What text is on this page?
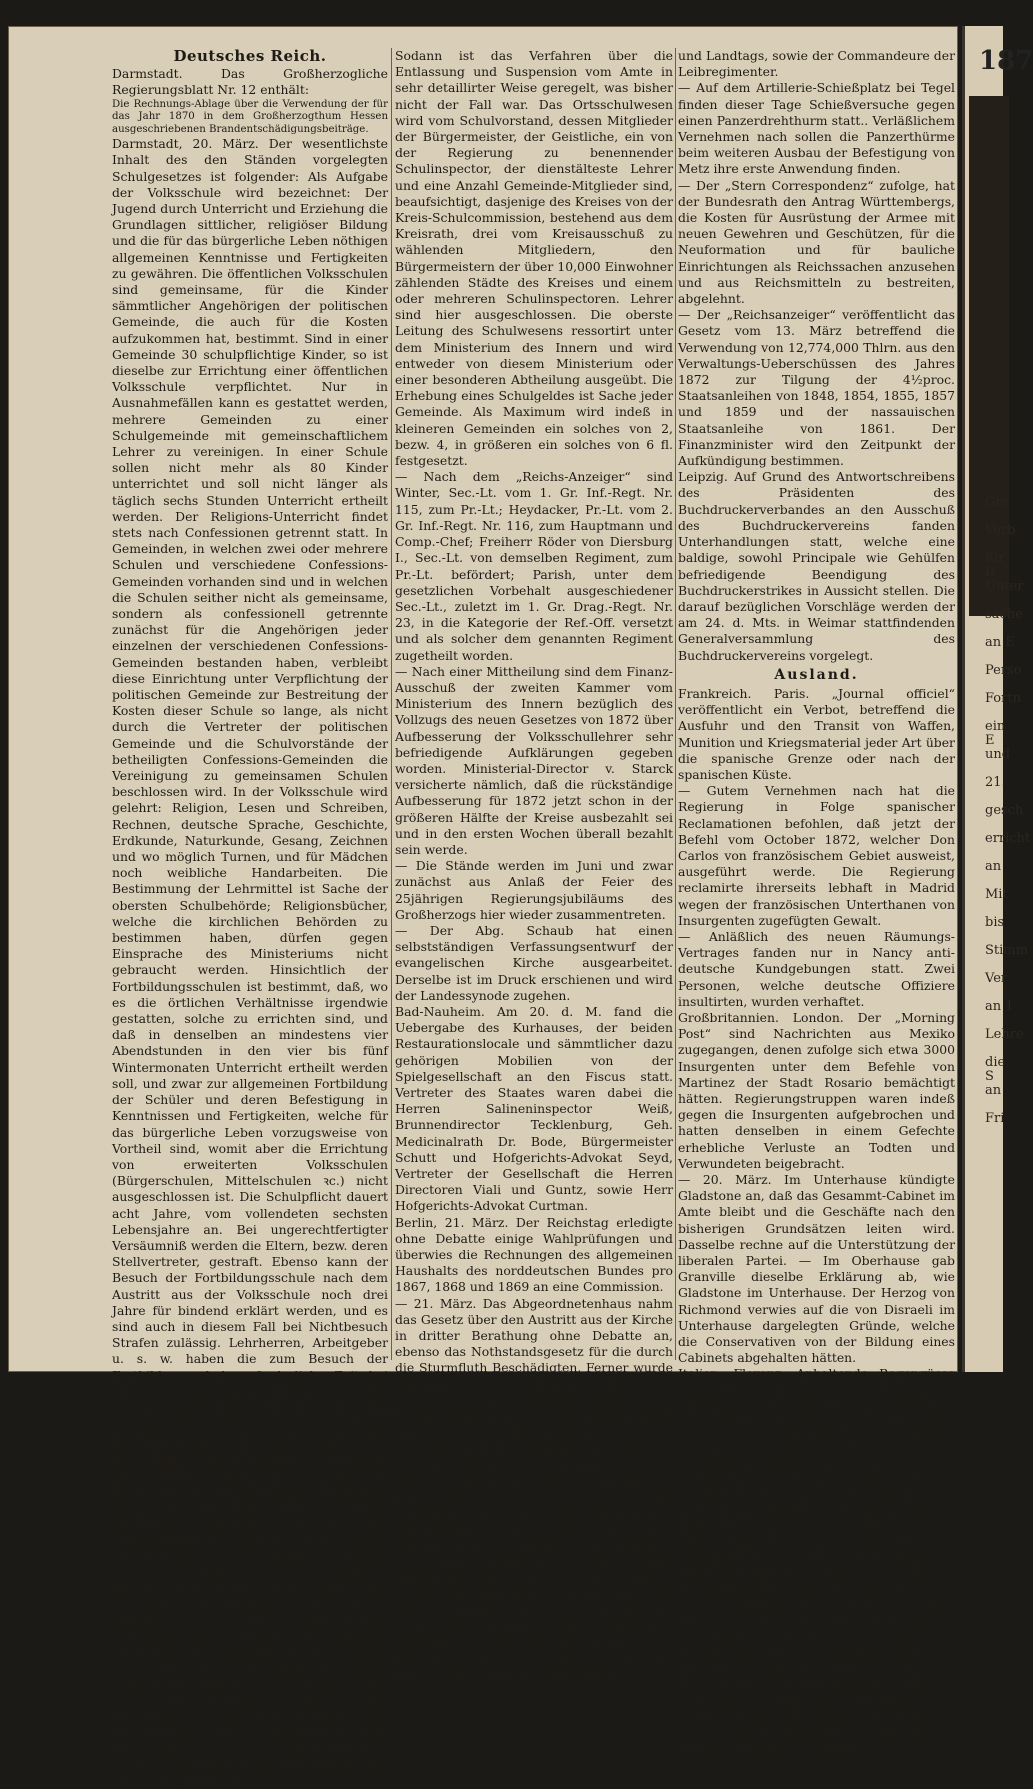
Deutsches Reich.

Darmstadt. Das Großherzogliche Regierungsblatt Nr. 12 enthält:

Die Rechnungs-Ablage über die Verwendung der für das Jahr 1870 in dem Großherzogthum Hessen ausgeschriebenen Brandentschädigungsbeiträge.

Darmstadt, 20. März. Der wesentlichste Inhalt des den Ständen vorgelegten Schulgesetzes ist folgender: Als Aufgabe der Volksschule wird bezeichnet: Der Jugend durch Unterricht und Erziehung die Grundlagen sittlicher, religiöser Bildung und die für das bürgerliche Leben nöthigen allgemeinen Kenntnisse und Fertigkeiten zu gewähren. Die öffentlichen Volksschulen sind gemeinsame, für die Kinder sämmtlicher Angehörigen der politischen Gemeinde, die auch für die Kosten aufzukommen hat, bestimmt. Sind in einer Gemeinde 30 schulpflichtige Kinder, so ist dieselbe zur Errichtung einer öffentlichen Volksschule verpflichtet. Nur in Ausnahmefällen kann es gestattet werden, mehrere Gemeinden zu einer Schulgemeinde mit gemeinschaftlichem Lehrer zu vereinigen. In einer Schule sollen nicht mehr als 80 Kinder unterrichtet und soll nicht länger als täglich sechs Stunden Unterricht ertheilt werden. Der Religions-Unterricht findet stets nach Confessionen getrennt statt. In Gemeinden, in welchen zwei oder mehrere Schulen und verschiedene Confessions-Gemeinden vorhanden sind und in welchen die Schulen seither nicht als gemeinsame, sondern als confessionell getrennte zunächst für die Angehörigen jeder einzelnen der verschiedenen Confessions-Gemeinden bestanden haben, verbleibt diese Einrichtung unter Verpflichtung der politischen Gemeinde zur Bestreitung der Kosten dieser Schule so lange, als nicht durch die Vertreter der politischen Gemeinde und die Schulvorstände der betheiligten Confessions-Gemeinden die Vereinigung zu gemeinsamen Schulen beschlossen wird. In der Volksschule wird gelehrt: Religion, Lesen und Schreiben, Rechnen, deutsche Sprache, Geschichte, Erdkunde, Naturkunde, Gesang, Zeichnen und wo möglich Turnen, und für Mädchen noch weibliche Handarbeiten. Die Bestimmung der Lehrmittel ist Sache der obersten Schulbehörde; Religionsbücher, welche die kirchlichen Behörden zu bestimmen haben, dürfen gegen Einsprache des Ministeriums nicht gebraucht werden. Hinsichtlich der Fortbildungsschulen ist bestimmt, daß, wo es die örtlichen Verhältnisse irgendwie gestatten, solche zu errichten sind, und daß in denselben an mindestens vier Abendstunden in den vier bis fünf Wintermonaten Unterricht ertheilt werden soll, und zwar zur allgemeinen Fortbildung der Schüler und deren Befestigung in Kenntnissen und Fertigkeiten, welche für das bürgerliche Leben vorzugsweise von Vortheil sind, womit aber die Errichtung von erweiterten Volksschulen (Bürgerschulen, Mittelschulen ꝛc.) nicht ausgeschlossen ist. Die Schulpflicht dauert acht Jahre, vom vollendeten sechsten Lebensjahre an. Bei ungerechtfertigter Versäumniß werden die Eltern, bezw. deren Stellvertreter, gestraft. Ebenso kann der Besuch der Fortbildungsschule nach dem Austritt aus der Volksschule noch drei Jahre für bindend erklärt werden, und es sind auch in diesem Fall bei Nichtbesuch Strafen zulässig. Lehrherren, Arbeitgeber u. s. w. haben die zum Besuch der Fortbildungsschule erforderliche Zeit bei Strafe zu gewähren. Hinsichtlich der Ausbildung der Lehrer bleibt der Entwurf im Wesentlichen bei den seither gültigen Bestimmungen; zugesagt wird die Errichtung von Lehrerinnen-Seminarien. Die definitive Anstellung ist von dem Bestehen der vorgeschriebenen Prüfungen und dem 24. Lebensjahr abhängig. Mitglieder geistlicher Orden oder ordensähnlicher Congregationen können an öffentlichen Volksschulen als Lehrer oder Lehrerinnen keine Verwendung finden. Der Lehrer ist verpflichtet, abgesehen von Turnen, wöchentlich 32 Stunden Schulunterricht zu halten, außerdem auf Verlangen noch 6 Stunden an der Fortbildungsschule zu wirken, sowie die mit der betreffenden Stelle verbundenen Functionen als Organist oder Cantor zu versehen, wogegen er den Dienst des Glöckners oder sonstige niedere Kirchendienste für die Zukunft nicht mehr zu versehen hat. Lehrerinnen bedürfen zu ihrer Verehelichung die Zustimmung der obersten Schulbehörde.

Sodann ist das Verfahren über die Entlassung und Suspension vom Amte in sehr detaillirter Weise geregelt, was bisher nicht der Fall war. Das Ortsschulwesen wird vom Schulvorstand, dessen Mitglieder der Bürgermeister, der Geistliche, ein von der Regierung zu benennender Schulinspector, der dienstälteste Lehrer und eine Anzahl Gemeinde-Mitglieder sind, beaufsichtigt, dasjenige des Kreises von der Kreis-Schulcommission, bestehend aus dem Kreisrath, drei vom Kreisausschuß zu wählenden Mitgliedern, den Bürgermeistern der über 10,000 Einwohner zählenden Städte des Kreises und einem oder mehreren Schulinspectoren. Lehrer sind hier ausgeschlossen. Die oberste Leitung des Schulwesens ressortirt unter dem Ministerium des Innern und wird entweder von diesem Ministerium oder einer besonderen Abtheilung ausgeübt. Die Erhebung eines Schulgeldes ist Sache jeder Gemeinde. Als Maximum wird indeß in kleineren Gemeinden ein solches von 2, bezw. 4, in größeren ein solches von 6 fl. festgesetzt.

— Nach dem „Reichs-Anzeiger“ sind Winter, Sec.-Lt. vom 1. Gr. Inf.-Regt. Nr. 115, zum Pr.-Lt.; Heydacker, Pr.-Lt. vom 2. Gr. Inf.-Regt. Nr. 116, zum Hauptmann und Comp.-Chef; Freiherr Röder von Diersburg I., Sec.-Lt. von demselben Regiment, zum Pr.-Lt. befördert; Parish, unter dem gesetzlichen Vorbehalt ausgeschiedener Sec.-Lt., zuletzt im 1. Gr. Drag.-Regt. Nr. 23, in die Kategorie der Ref.-Off. versetzt und als solcher dem genannten Regiment zugetheilt worden.

— Nach einer Mittheilung sind dem Finanz-Ausschuß der zweiten Kammer vom Ministerium des Innern bezüglich des Vollzugs des neuen Gesetzes von 1872 über Aufbesserung der Volksschullehrer sehr befriedigende Aufklärungen gegeben worden. Ministerial-Director v. Starck versicherte nämlich, daß die rückständige Aufbesserung für 1872 jetzt schon in der größeren Hälfte der Kreise ausbezahlt sei und in den ersten Wochen überall bezahlt sein werde.

— Die Stände werden im Juni und zwar zunächst aus Anlaß der Feier des 25jährigen Regierungsjubiläums des Großherzogs hier wieder zusammentreten.

— Der Abg. Schaub hat einen selbstständigen Verfassungsentwurf der evangelischen Kirche ausgearbeitet. Derselbe ist im Druck erschienen und wird der Landessynode zugehen.

Bad-Nauheim. Am 20. d. M. fand die Uebergabe des Kurhauses, der beiden Restaurationslocale und sämmtlicher dazu gehörigen Mobilien von der Spielgesellschaft an den Fiscus statt. Vertreter des Staates waren dabei die Herren Salineninspector Weiß, Brunnendirector Tecklenburg, Geh. Medicinalrath Dr. Bode, Bürgermeister Schutt und Hofgerichts-Advokat Seyd, Vertreter der Gesellschaft die Herren Directoren Viali und Guntz, sowie Herr Hofgerichts-Advokat Curtman.

Berlin, 21. März. Der Reichstag erledigte ohne Debatte einige Wahlprüfungen und überwies die Rechnungen des allgemeinen Haushalts des norddeutschen Bundes pro 1867, 1868 und 1869 an eine Commission.

— 21. März. Das Abgeordnetenhaus nahm das Gesetz über den Austritt aus der Kirche in dritter Berathung ohne Debatte an, ebenso das Nothstandsgesetz für die durch die Sturmfluth Beschädigten. Ferner wurde genehmigt: Der Bericht über die Verwaltung der Staatsschulden, die Nachweisungen für die Dispositionsfonds für Staats-Eisenbahnen, die Staatshaushalts-Rechnungen pro 1868, die Gesetze über die Abgrenzung des Jade-Gebiets, die Abänderung des allgemeinen Berggesetzes, sowie die Aufhebung verschiedener Gesetze und Verordnungen der Stadt Frankfurt a. M. Der Präsident gab darauf eine Uebersicht über die erledigten und noch zu erledigenden Gesetze. Nächste Sitzung unbestimmt, doch nicht vor Ostern.

— 22. März. Der Kaiser empfing im Laufe des Vormittags die Glückwünsche der königlichen Familie, der anwesenden deutschen Fürsten und anderer fürstlichen Personen, der Minister, der Generale, der Hofstaaten, der Präsidien des Reichs-

und Landtags, sowie der Commandeure der Leibregimenter.

— Auf dem Artillerie-Schießplatz bei Tegel finden dieser Tage Schießversuche gegen einen Panzerdrehthurm statt.. Verläßlichem Vernehmen nach sollen die Panzerthürme beim weiteren Ausbau der Befestigung von Metz ihre erste Anwendung finden.

— Der „Stern Correspondenz“ zufolge, hat der Bundesrath den Antrag Württembergs, die Kosten für Ausrüstung der Armee mit neuen Gewehren und Geschützen, für die Neuformation und für bauliche Einrichtungen als Reichssachen anzusehen und aus Reichsmitteln zu bestreiten, abgelehnt.

— Der „Reichsanzeiger“ veröffentlicht das Gesetz vom 13. März betreffend die Verwendung von 12,774,000 Thlrn. aus den Verwaltungs-Ueberschüssen des Jahres 1872 zur Tilgung der 4½proc. Staatsanleihen von 1848, 1854, 1855, 1857 und 1859 und der nassauischen Staatsanleihe von 1861. Der Finanzminister wird den Zeitpunkt der Aufkündigung bestimmen.

Leipzig. Auf Grund des Antwortschreibens des Präsidenten des Buchdruckerverbandes an den Ausschuß des Buchdruckervereins fanden Unterhandlungen statt, welche eine baldige, sowohl Principale wie Gehülfen befriedigende Beendigung des Buchdruckerstrikes in Aussicht stellen. Die darauf bezüglichen Vorschläge werden der am 24. d. Mts. in Weimar stattfindenden Generalversammlung des Buchdruckervereins vorgelegt.

Ausland.

Frankreich. Paris. „Journal officiel“ veröffentlicht ein Verbot, betreffend die Ausfuhr und den Transit von Waffen, Munition und Kriegsmaterial jeder Art über die spanische Grenze oder nach der spanischen Küste.

— Gutem Vernehmen nach hat die Regierung in Folge spanischer Reclamationen befohlen, daß jetzt der Befehl vom October 1872, welcher Don Carlos von französischem Gebiet ausweist, ausgeführt werde. Die Regierung reclamirte ihrerseits lebhaft in Madrid wegen der französischen Unterthanen von Insurgenten zugefügten Gewalt.

— Anläßlich des neuen Räumungs-Vertrages fanden nur in Nancy anti-deutsche Kundgebungen statt. Zwei Personen, welche deutsche Offiziere insultirten, wurden verhaftet.

Großbritannien. London. Der „Morning Post“ sind Nachrichten aus Mexiko zugegangen, denen zufolge sich etwa 3000 Insurgenten unter dem Befehle von Martinez der Stadt Rosario bemächtigt hätten. Regierungstruppen waren indeß gegen die Insurgenten aufgebrochen und hatten denselben in einem Gefechte erhebliche Verluste an Todten und Verwundeten beigebracht.

— 20. März. Im Unterhause kündigte Gladstone an, daß das Gesammt-Cabinet im Amte bleibt und die Geschäfte nach den bisherigen Grundsätzen leiten wird. Dasselbe rechne auf die Unterstützung der liberalen Partei. — Im Oberhause gab Granville dieselbe Erklärung ab, wie Gladstone im Unterhause. Der Herzog von Richmond verwies auf die von Disraeli im Unterhause dargelegten Gründe, welche die Conservativen von der Bildung eines Cabinets abgehalten hätten.

Italien. Florenz. Anhaltende Regengüsse lassen die Gefahr einer Ueberschwemmung für Ober- und Mittel-Italien befürchten. Arno und Po schwellen an. Die Regierung und Localbehörden treffen Vorsichtsmaßregeln.

Donaufürstenthümer. Bukarest. Von der unteren Donau wird von bedenklicher Gährung unter den Bulgaren berichtet. Die Pforte hatte ihnen zuerst ihre kirchliche Unabhängigkeit gewährleistet, nachträglich aber den betreffenden Ferman zurückgenommen, wogegen die Bulgaren heftig protestiren. Aus der Sprache, die in diesen Schriftstücken geführt wird geht hervor, daß die Bulgaren für die Erhaltung des alten Fermans, also des Exarchats, alle erdenklichen Opfer zu bringen bereit und entschlossen sind. Die Pforte, welche den Ferman auf jeden Fall annulliren will, gibt sich auch keinen Täuschungen hin und sieht sich auf alle Fälle vor. Nicht nur werden gerade jetzt alle Donaufestungen armirt, ein Lager bei Schumla

187
Gre
Verb
für D
Unter
sache
an E
Perso
Fortn
ein E
und
21.
gesch
erricht
an
Mit
bis
Stimm
Ver
an 1
Lehre
die S
an
Fri
